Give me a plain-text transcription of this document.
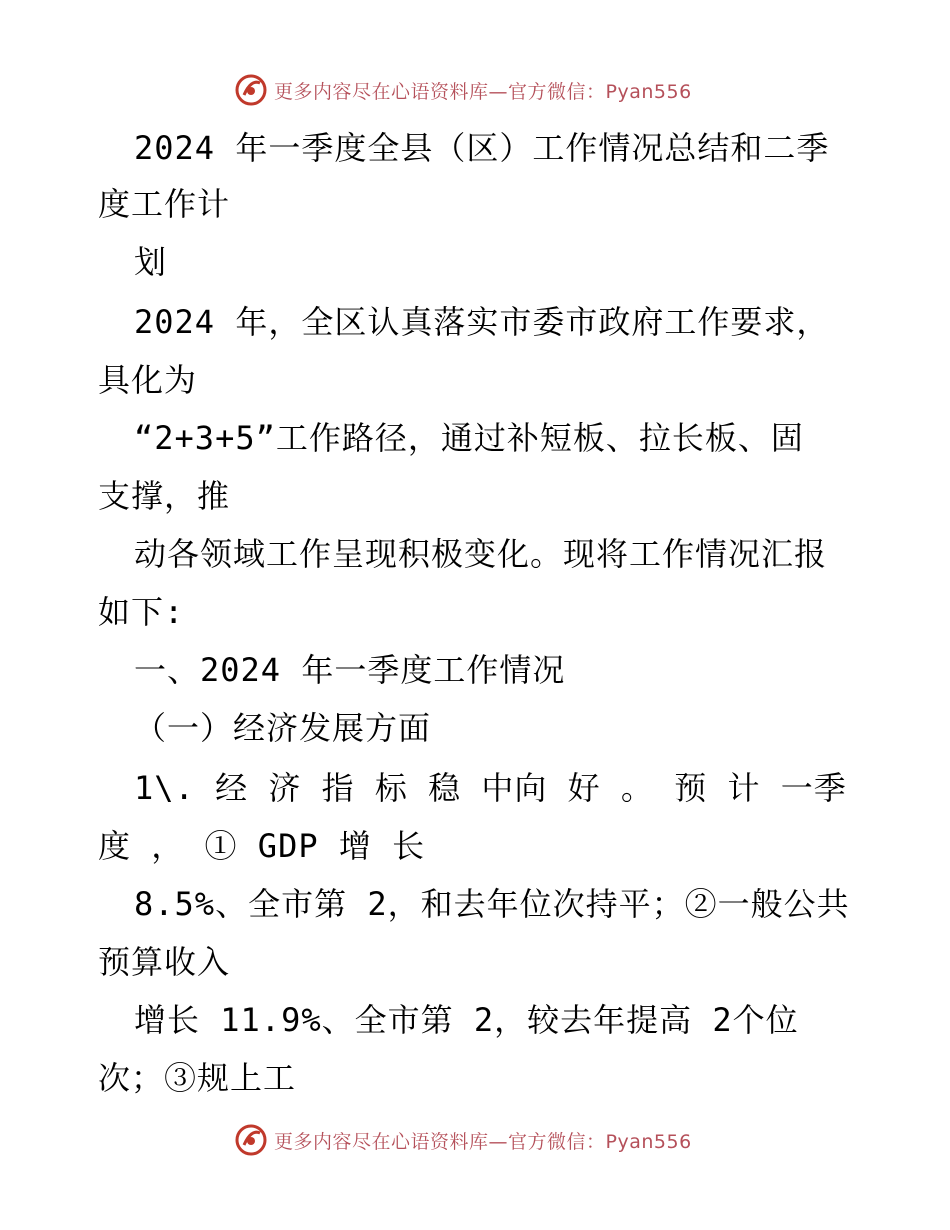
更多内容尽在心语资料库—官方微信：Pyan556
2024 年一季度全县（区）工作情况总结和二季
度工作计
划
2024 年，全区认真落实市委市政府工作要求，
具化为
“2+3+5”工作路径，通过补短板、拉长板、固
支撑，推
动各领域工作呈现积极变化。现将工作情况汇报
如下:
一、2024 年一季度工作情况
（一）经济发展方面
1\. 经 济 指 标 稳 中向 好 。 预 计 一季
度 ， ① GDP 增 长
8.5%、全市第 2，和去年位次持平；②一般公共
预算收入
增长 11.9%、全市第 2，较去年提高 2个位
次；③规上工
更多内容尽在心语资料库—官方微信：Pyan556
